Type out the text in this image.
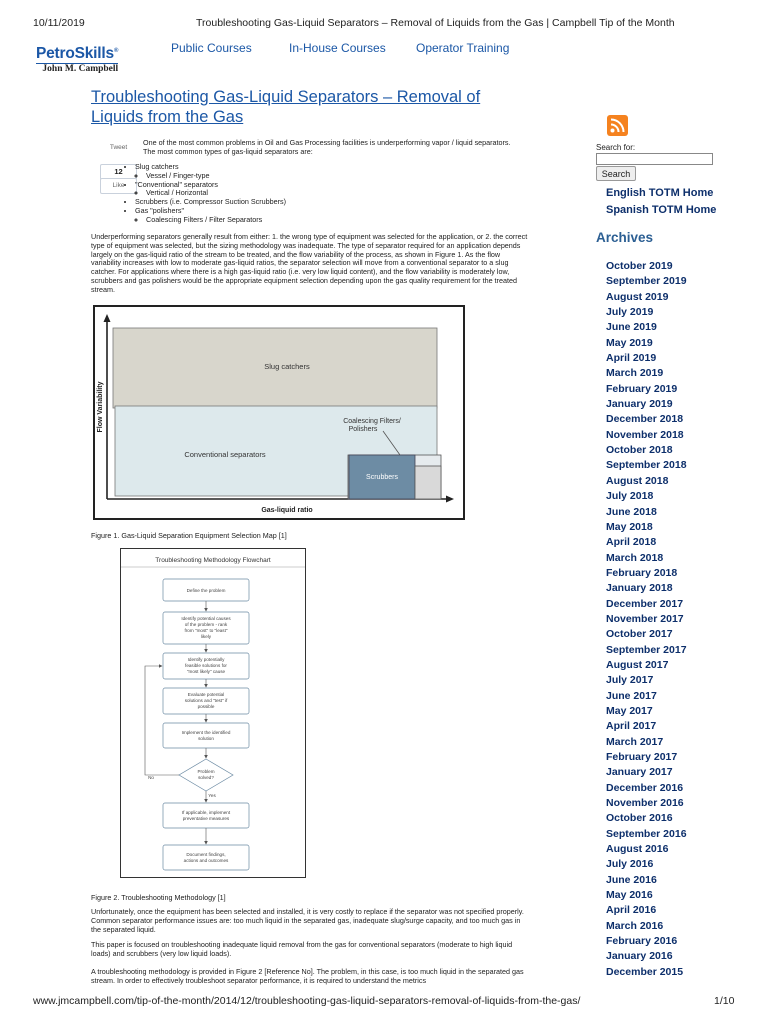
10/11/2019	Troubleshooting Gas-Liquid Separators – Removal of Liquids from the Gas | Campbell Tip of the Month
PetroSkills®
John M. Campbell
Public Courses	In-House Courses	Operator Training
Troubleshooting Gas-Liquid Separators – Removal of Liquids from the Gas
Tweet
12
Like
One of the most common problems in Oil and Gas Processing facilities is underperforming vapor / liquid separators. The most common types of gas-liquid separators are:
• Slug catchers
◦ Vessel / Finger-type
• "Conventional" separators
◦ Vertical / Horizontal
• Scrubbers (i.e. Compressor Suction Scrubbers)
• Gas "polishers"
◦ Coalescing Filters / Filter Separators
Underperforming separators generally result from either: 1. the wrong type of equipment was selected for the application, or 2. the correct type of equipment was selected, but the sizing methodology was inadequate. The type of separator required for an application depends largely on the gas-liquid ratio of the stream to be treated, and the flow variability of the process, as shown in Figure 1. As the flow variability increases with low to moderate gas-liquid ratios, the separator selection will move from a conventional separator to a slug catcher. For applications where there is a high gas-liquid ratio (i.e. very low liquid content), and the flow variability is moderately low, scrubbers and gas polishers would be the appropriate equipment selection depending upon the gas quality requirement for the treated stream.
Slug catchers
Conventional separators
Coalescing Filters/
Polishers
Scrubbers
Gas-liquid ratio
Flow Variability
Figure 1. Gas-Liquid Separation Equipment Selection Map [1]
Troubleshooting Methodology Flowchart
Define the problem
Identify potential causes
of the problem - rank
from "most" to "least"
likely
Identify potentially
feasible solutions for
"most likely" cause
Evaluate potential
solutions and "test" if
possible
Implement the identified
solution
Problem
solved?
No
Yes
If applicable, implement
preventative measures
Document findings,
actions and outcomes
Figure 2. Troubleshooting Methodology [1]
Unfortunately, once the equipment has been selected and installed, it is very costly to replace if the separator was not specified properly. Common separator performance issues are: too much liquid in the separated gas, inadequate slug/surge capacity, and too much gas in the separated liquid.
This paper is focused on troubleshooting inadequate liquid removal from the gas for conventional separators (moderate to high liquid loads) and scrubbers (very low liquid loads).
A troubleshooting methodology is provided in Figure 2 [Reference No]. The problem, in this case, is too much liquid in the separated gas stream. In order to effectively troubleshoot separator performance, it is required to understand the metrics
Search for:
Search
English TOTM Home
Spanish TOTM Home
Archives
October 2019
September 2019
August 2019
July 2019
June 2019
May 2019
April 2019
March 2019
February 2019
January 2019
December 2018
November 2018
October 2018
September 2018
August 2018
July 2018
June 2018
May 2018
April 2018
March 2018
February 2018
January 2018
December 2017
November 2017
October 2017
September 2017
August 2017
July 2017
June 2017
May 2017
April 2017
March 2017
February 2017
January 2017
December 2016
November 2016
October 2016
September 2016
August 2016
July 2016
June 2016
May 2016
April 2016
March 2016
February 2016
January 2016
December 2015
www.jmcampbell.com/tip-of-the-month/2014/12/troubleshooting-gas-liquid-separators-removal-of-liquids-from-the-gas/	1/10
